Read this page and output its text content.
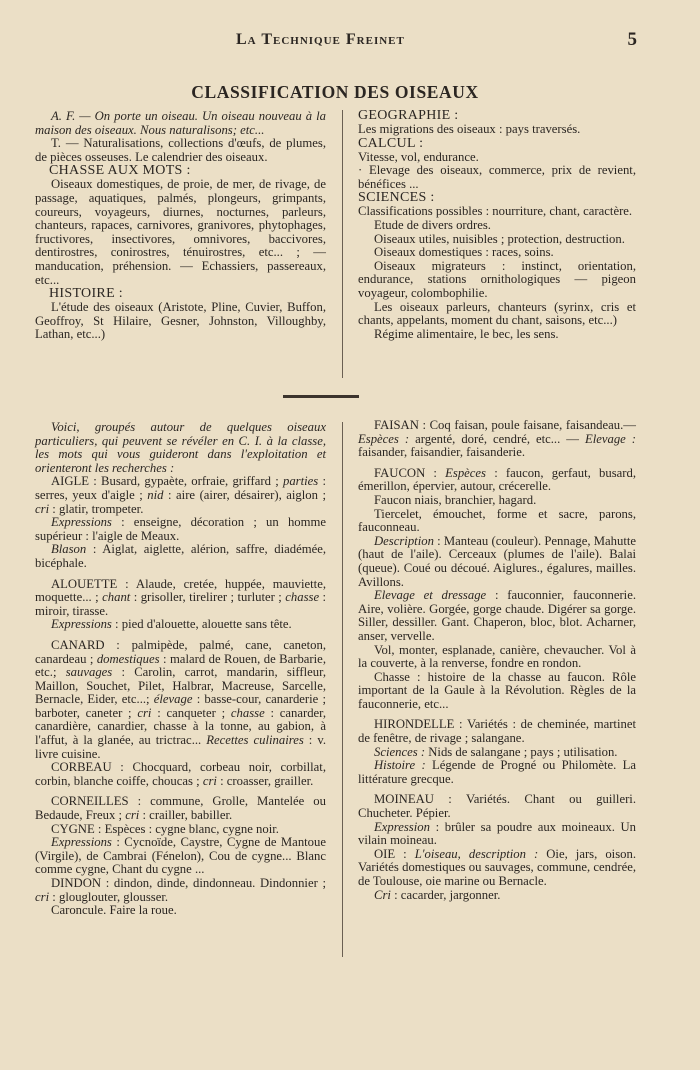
La Technique Freinet	5
CLASSIFICATION DES OISEAUX

A. F. — On porte un oiseau. Un oiseau nouveau à la maison des oiseaux. Nous naturalisons; etc...

T. — Naturalisations, collections d'œufs, de plumes, de pièces osseuses. Le calendrier des oiseaux.

CHASSE AUX MOTS :

Oiseaux domestiques, de proie, de mer, de rivage, de passage, aquatiques, palmés, plongeurs, grimpants, coureurs, voyageurs, diurnes, nocturnes, parleurs, chanteurs, rapaces, carnivores, granivores, phytophages, fructivores, insectivores, omnivores, baccivores, dentirostres, conirostres, ténuirostres, etc... ; — manducation, préhension. — Echassiers, passereaux, etc...

HISTOIRE :

L'étude des oiseaux (Aristote, Pline, Cuvier, Buffon, Geoffroy, St Hilaire, Gesner, Johnston, Villoughby, Lathan, etc...)

GEOGRAPHIE :

Les migrations des oiseaux : pays traversés.

CALCUL :

Vitesse, vol, endurance.

· Elevage des oiseaux, commerce, prix de revient, bénéfices ...

SCIENCES :

Classifications possibles : nourriture, chant, caractère.

Etude de divers ordres.

Oiseaux utiles, nuisibles ; protection, destruction.

Oiseaux domestiques : races, soins.

Oiseaux migrateurs : instinct, orientation, endurance, stations ornithologiques — pigeon voyageur, colombophilie.

Les oiseaux parleurs, chanteurs (syrinx, cris et chants, appelants, moment du chant, saisons, etc...)

Régime alimentaire, le bec, les sens.

Voici, groupés autour de quelques oiseaux particuliers, qui peuvent se révéler en C. I. à la classe, les mots qui vous guideront dans l'exploitation et orienteront les recherches :

AIGLE : Busard, gypaète, orfraie, griffard ; parties : serres, yeux d'aigle ; nid : aire (airer, désairer), aiglon ; cri : glatir, trompeter.

Expressions : enseigne, décoration ; un homme supérieur : l'aigle de Meaux.

Blason : Aiglat, aiglette, alérion, saffre, diadémée, bicéphale.

ALOUETTE : Alaude, cretée, huppée, mauviette, moquette... ; chant : grisoller, tirelirer ; turluter ; chasse : miroir, tirasse.

Expressions : pied d'alouette, alouette sans tête.

CANARD : palmipède, palmé, cane, caneton, canardeau ; domestiques : malard de Rouen, de Barbarie, etc.; sauvages : Carolin, carrot, mandarin, siffleur, Maillon, Souchet, Pilet, Halbrar, Macreuse, Sarcelle, Bernacle, Eider, etc...; élevage : basse-cour, canarderie ; barboter, caneter ; cri : canqueter ; chasse : canarder, canardière, canardier, chasse à la tonne, au gabion, à l'affut, à la glanée, au trictrac... Recettes culinaires : v. livre cuisine.

CORBEAU : Chocquard, corbeau noir, corbillat, corbin, blanche coiffe, choucas ; cri : croasser, grailler.

CORNEILLES : commune, Grolle, Mantelée ou Bedaude, Freux ; cri : crailler, babiller.

CYGNE : Espèces : cygne blanc, cygne noir.

Expressions : Cycnoïde, Caystre, Cygne de Mantoue (Virgile), de Cambrai (Fénelon), Cou de cygne... Blanc comme cygne, Chant du cygne ...

DINDON : dindon, dinde, dindonneau. Dindonnier ; cri : glouglouter, glousser.

Caroncule. Faire la roue.

FAISAN : Coq faisan, poule faisane, faisandeau.— Espèces : argenté, doré, cendré, etc... — Elevage : faisander, faisandier, faisanderie.

FAUCON : Espèces : faucon, gerfaut, busard, émerillon, épervier, autour, crécerelle.

Faucon niais, branchier, hagard.

Tiercelet, émouchet, forme et sacre, parons, fauconneau.

Description : Manteau (couleur). Pennage, Mahutte (haut de l'aile). Cerceaux (plumes de l'aile). Balai (queue). Coué ou découé. Aiglures., égalures, mailles. Avillons.

Elevage et dressage : fauconnier, fauconnerie. Aire, volière. Gorgée, gorge chaude. Digérer sa gorge. Siller, dessiller. Gant. Chaperon, bloc, blot. Acharner, anser, vervelle.

Vol, monter, esplanade, canière, chevaucher. Vol à la couverte, à la renverse, fondre en rondon.

Chasse : histoire de la chasse au faucon. Rôle important de la Gaule à la Révolution. Règles de la fauconnerie, etc...

HIRONDELLE : Variétés : de cheminée, martinet de fenêtre, de rivage ; salangane.

Sciences : Nids de salangane ; pays ; utilisation.

Histoire : Légende de Progné ou Philomète. La littérature grecque.

MOINEAU : Variétés. Chant ou guilleri. Chucheter. Pépier.

Expression : brûler sa poudre aux moineaux. Un vilain moineau.

OIE : L'oiseau, description : Oie, jars, oison. Variétés domestiques ou sauvages, commune, cendrée, de Toulouse, oie marine ou Bernacle.

Cri : cacarder, jargonner.
